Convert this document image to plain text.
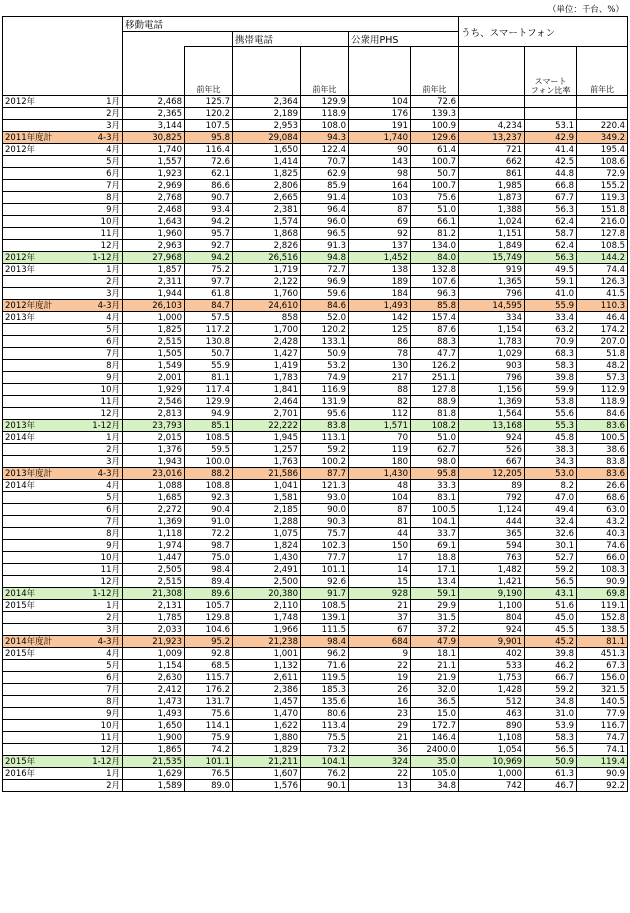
（単位：千台、%）
		移動電話						うち、スマートフォン		
				携帯電話		公衆用PHS				
			前年比		前年比		前年比		スマート
フォン比率	前年比
2012年	1月	2,468	125.7	2,364	129.9	104	72.6			
	2月	2,365	120.2	2,189	118.9	176	139.3			
	3月	3,144	107.5	2,953	108.0	191	100.9	4,234	53.1	220.4
2011年度計	4-3月	30,825	95.8	29,084	94.3	1,740	129.6	13,237	42.9	349.2
2012年	4月	1,740	116.4	1,650	122.4	90	61.4	721	41.4	195.4
	5月	1,557	72.6	1,414	70.7	143	100.7	662	42.5	108.6
	6月	1,923	62.1	1,825	62.9	98	50.7	861	44.8	72.9
	7月	2,969	86.6	2,806	85.9	164	100.7	1,985	66.8	155.2
	8月	2,768	90.7	2,665	91.4	103	75.6	1,873	67.7	119.3
	9月	2,468	93.4	2,381	96.4	87	51.0	1,388	56.3	151.8
	10月	1,643	94.2	1,574	96.0	69	66.1	1,024	62.4	216.0
	11月	1,960	95.7	1,868	96.5	92	81.2	1,151	58.7	127.8
	12月	2,963	92.7	2,826	91.3	137	134.0	1,849	62.4	108.5
2012年	1-12月	27,968	94.2	26,516	94.8	1,452	84.0	15,749	56.3	144.2
2013年	1月	1,857	75.2	1,719	72.7	138	132.8	919	49.5	74.4
	2月	2,311	97.7	2,122	96.9	189	107.6	1,365	59.1	126.3
	3月	1,944	61.8	1,760	59.6	184	96.3	796	41.0	41.5
2012年度計	4-3月	26,103	84.7	24,610	84.6	1,493	85.8	14,595	55.9	110.3
2013年	4月	1,000	57.5	858	52.0	142	157.4	334	33.4	46.4
	5月	1,825	117.2	1,700	120.2	125	87.6	1,154	63.2	174.2
	6月	2,515	130.8	2,428	133.1	86	88.3	1,783	70.9	207.0
	7月	1,505	50.7	1,427	50.9	78	47.7	1,029	68.3	51.8
	8月	1,549	55.9	1,419	53.2	130	126.2	903	58.3	48.2
	9月	2,001	81.1	1,783	74.9	217	251.1	796	39.8	57.3
	10月	1,929	117.4	1,841	116.9	88	127.8	1,156	59.9	112.9
	11月	2,546	129.9	2,464	131.9	82	88.9	1,369	53.8	118.9
	12月	2,813	94.9	2,701	95.6	112	81.8	1,564	55.6	84.6
2013年	1-12月	23,793	85.1	22,222	83.8	1,571	108.2	13,168	55.3	83.6
2014年	1月	2,015	108.5	1,945	113.1	70	51.0	924	45.8	100.5
	2月	1,376	59.5	1,257	59.2	119	62.7	526	38.3	38.6
	3月	1,943	100.0	1,763	100.2	180	98.0	667	34.3	83.8
2013年度計	4-3月	23,016	88.2	21,586	87.7	1,430	95.8	12,205	53.0	83.6
2014年	4月	1,088	108.8	1,041	121.3	48	33.3	89	8.2	26.6
	5月	1,685	92.3	1,581	93.0	104	83.1	792	47.0	68.6
	6月	2,272	90.4	2,185	90.0	87	100.5	1,124	49.4	63.0
	7月	1,369	91.0	1,288	90.3	81	104.1	444	32.4	43.2
	8月	1,118	72.2	1,075	75.7	44	33.7	365	32.6	40.3
	9月	1,974	98.7	1,824	102.3	150	69.1	594	30.1	74.6
	10月	1,447	75.0	1,430	77.7	17	18.8	763	52.7	66.0
	11月	2,505	98.4	2,491	101.1	14	17.1	1,482	59.2	108.3
	12月	2,515	89.4	2,500	92.6	15	13.4	1,421	56.5	90.9
2014年	1-12月	21,308	89.6	20,380	91.7	928	59.1	9,190	43.1	69.8
2015年	1月	2,131	105.7	2,110	108.5	21	29.9	1,100	51.6	119.1
	2月	1,785	129.8	1,748	139.1	37	31.5	804	45.0	152.8
	3月	2,033	104.6	1,966	111.5	67	37.2	924	45.5	138.5
2014年度計	4-3月	21,923	95.2	21,238	98.4	684	47.9	9,901	45.2	81.1
2015年	4月	1,009	92.8	1,001	96.2	9	18.1	402	39.8	451.3
	5月	1,154	68.5	1,132	71.6	22	21.1	533	46.2	67.3
	6月	2,630	115.7	2,611	119.5	19	21.9	1,753	66.7	156.0
	7月	2,412	176.2	2,386	185.3	26	32.0	1,428	59.2	321.5
	8月	1,473	131.7	1,457	135.6	16	36.5	512	34.8	140.5
	9月	1,493	75.6	1,470	80.6	23	15.0	463	31.0	77.9
	10月	1,650	114.1	1,622	113.4	29	172.7	890	53.9	116.7
	11月	1,900	75.9	1,880	75.5	21	146.4	1,108	58.3	74.7
	12月	1,865	74.2	1,829	73.2	36	2400.0	1,054	56.5	74.1
2015年	1-12月	21,535	101.1	21,211	104.1	324	35.0	10,969	50.9	119.4
2016年	1月	1,629	76.5	1,607	76.2	22	105.0	1,000	61.3	90.9
	2月	1,589	89.0	1,576	90.1	13	34.8	742	46.7	92.2
